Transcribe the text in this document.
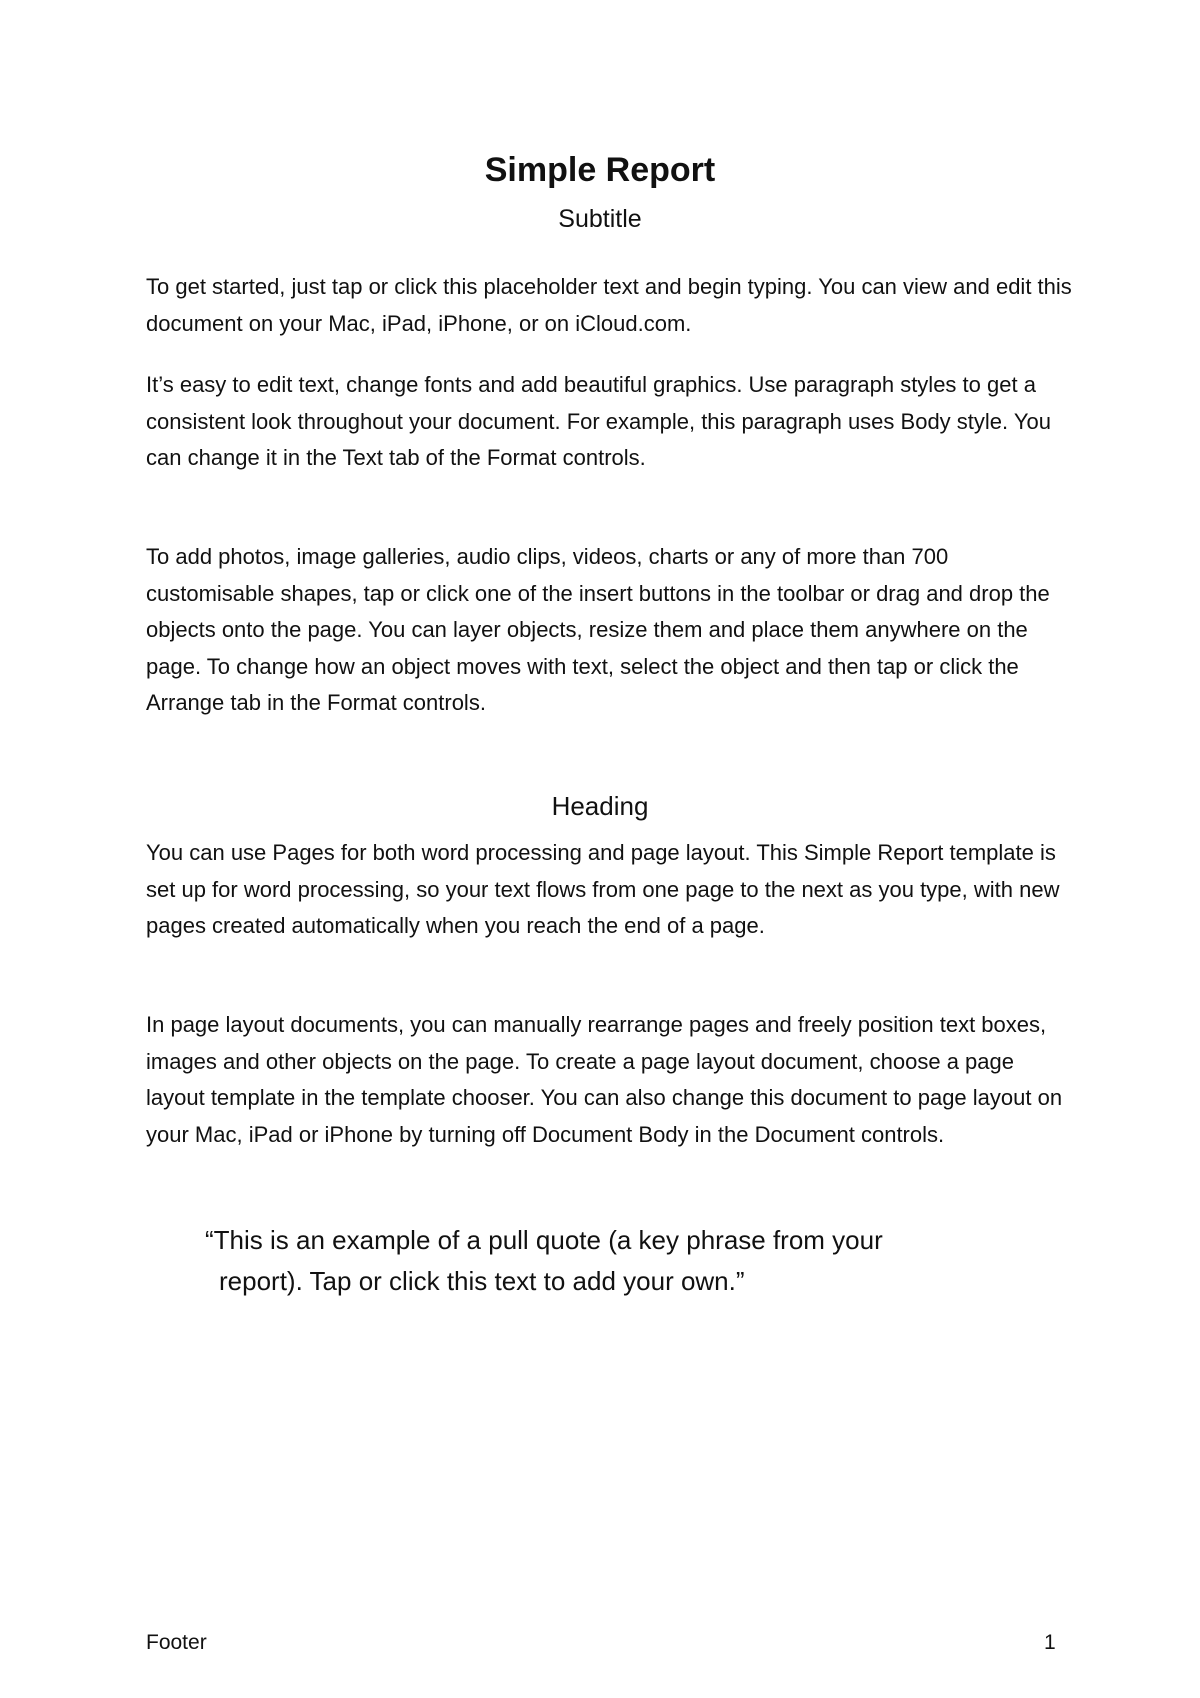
Simple Report
Subtitle

To get started, just tap or click this placeholder text and begin typing. You can view and edit this document on your Mac, iPad, iPhone, or on iCloud.com.

It’s easy to edit text, change fonts and add beautiful graphics. Use paragraph styles to get a consistent look throughout your document. For example, this paragraph uses Body style. You can change it in the Text tab of the Format controls.

To add photos, image galleries, audio clips, videos, charts or any of more than 700 customisable shapes, tap or click one of the insert buttons in the toolbar or drag and drop the objects onto the page. You can layer objects, resize them and place them anywhere on the page. To change how an object moves with text, select the object and then tap or click the Arrange tab in the Format controls.

Heading

You can use Pages for both word processing and page layout. This Simple Report template is set up for word processing, so your text flows from one page to the next as you type, with new pages created automatically when you reach the end of a page.

In page layout documents, you can manually rearrange pages and freely position text boxes, images and other objects on the page. To create a page layout document, choose a page layout template in the template chooser. You can also change this document to page layout on your Mac, iPad or iPhone by turning off Document Body in the Document controls.

“This is an example of a pull quote (a key phrase from your
report). Tap or click this text to add your own.”
Footer	1
